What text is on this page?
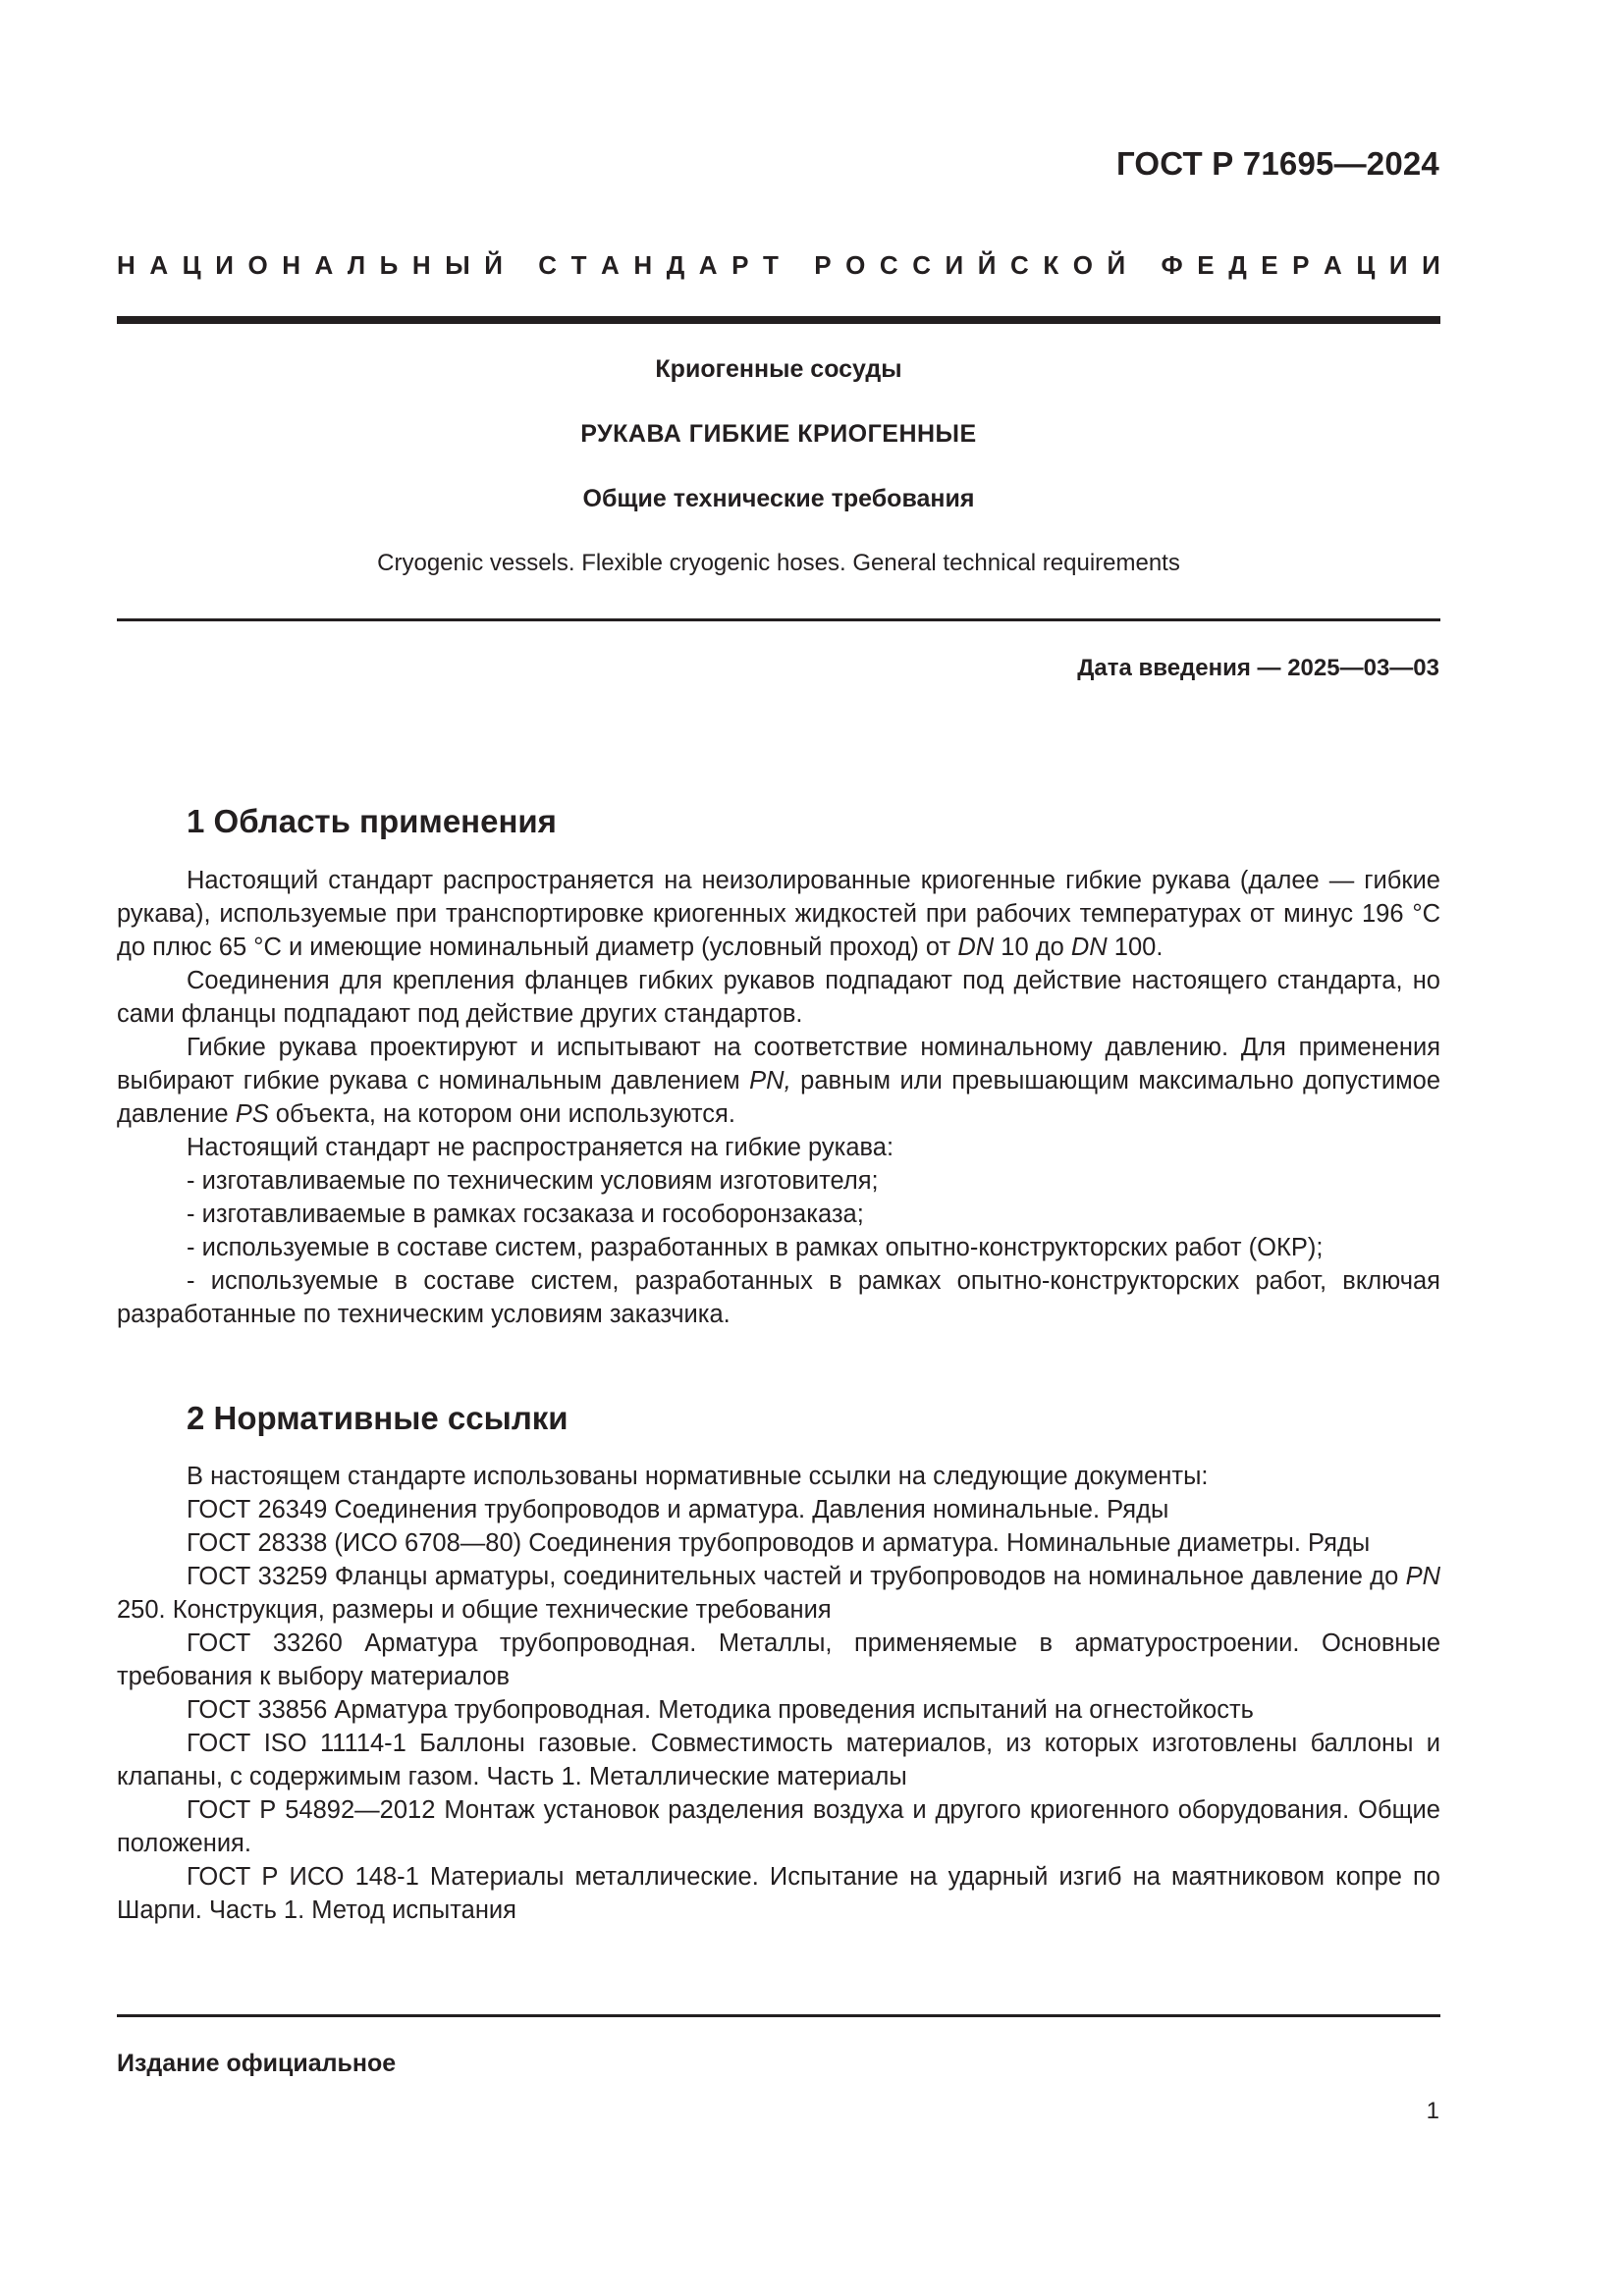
ГОСТ Р 71695—2024
Н А Ц И О Н А Л Ь Н Ы Й
С Т А Н Д А Р Т
Р О С С И Й С К О Й
Ф Е Д Е Р А Ц И И
Криогенные сосуды
РУКАВА ГИБКИЕ КРИОГЕННЫЕ
Общие технические требования
Cryogenic vessels. Flexible cryogenic hoses. General technical requirements
Дата введения — 2025—03—03
1 Область применения

Настоящий стандарт распространяется на неизолированные криогенные гибкие рукава (далее — гибкие рукава), используемые при транспортировке криогенных жидкостей при рабочих температурах от минус 196 °С до плюс 65 °С и имеющие номинальный диаметр (условный проход) от DN 10 до DN 100.

Соединения для крепления фланцев гибких рукавов подпадают под действие настоящего стандарта, но сами фланцы подпадают под действие других стандартов.

Гибкие рукава проектируют и испытывают на соответствие номинальному давлению. Для применения выбирают гибкие рукава с номинальным давлением PN, равным или превышающим максимально допустимое давление PS объекта, на котором они используются.

Настоящий стандарт не распространяется на гибкие рукава:

- изготавливаемые по техническим условиям изготовителя;

- изготавливаемые в рамках госзаказа и гособоронзаказа;

- используемые в составе систем, разработанных в рамках опытно-конструкторских работ (ОКР);

- используемые в составе систем, разработанных в рамках опытно-конструкторских работ, включая разработанные по техническим условиям заказчика.

2 Нормативные ссылки

В настоящем стандарте использованы нормативные ссылки на следующие документы:

ГОСТ 26349 Соединения трубопроводов и арматура. Давления номинальные. Ряды

ГОСТ 28338 (ИСО 6708—80) Соединения трубопроводов и арматура. Номинальные диаметры. Ряды

ГОСТ 33259 Фланцы арматуры, соединительных частей и трубопроводов на номинальное давление до PN 250. Конструкция, размеры и общие технические требования

ГОСТ 33260 Арматура трубопроводная. Металлы, применяемые в арматуростроении. Основные требования к выбору материалов

ГОСТ 33856 Арматура трубопроводная. Методика проведения испытаний на огнестойкость

ГОСТ ISO 11114-1 Баллоны газовые. Совместимость материалов, из которых изготовлены баллоны и клапаны, с содержимым газом. Часть 1. Металлические материалы

ГОСТ Р 54892—2012 Монтаж установок разделения воздуха и другого криогенного оборудования. Общие положения.

ГОСТ Р ИСО 148-1 Материалы металлические. Испытание на ударный изгиб на маятниковом копре по Шарпи. Часть 1. Метод испытания

Издание официальное
1
